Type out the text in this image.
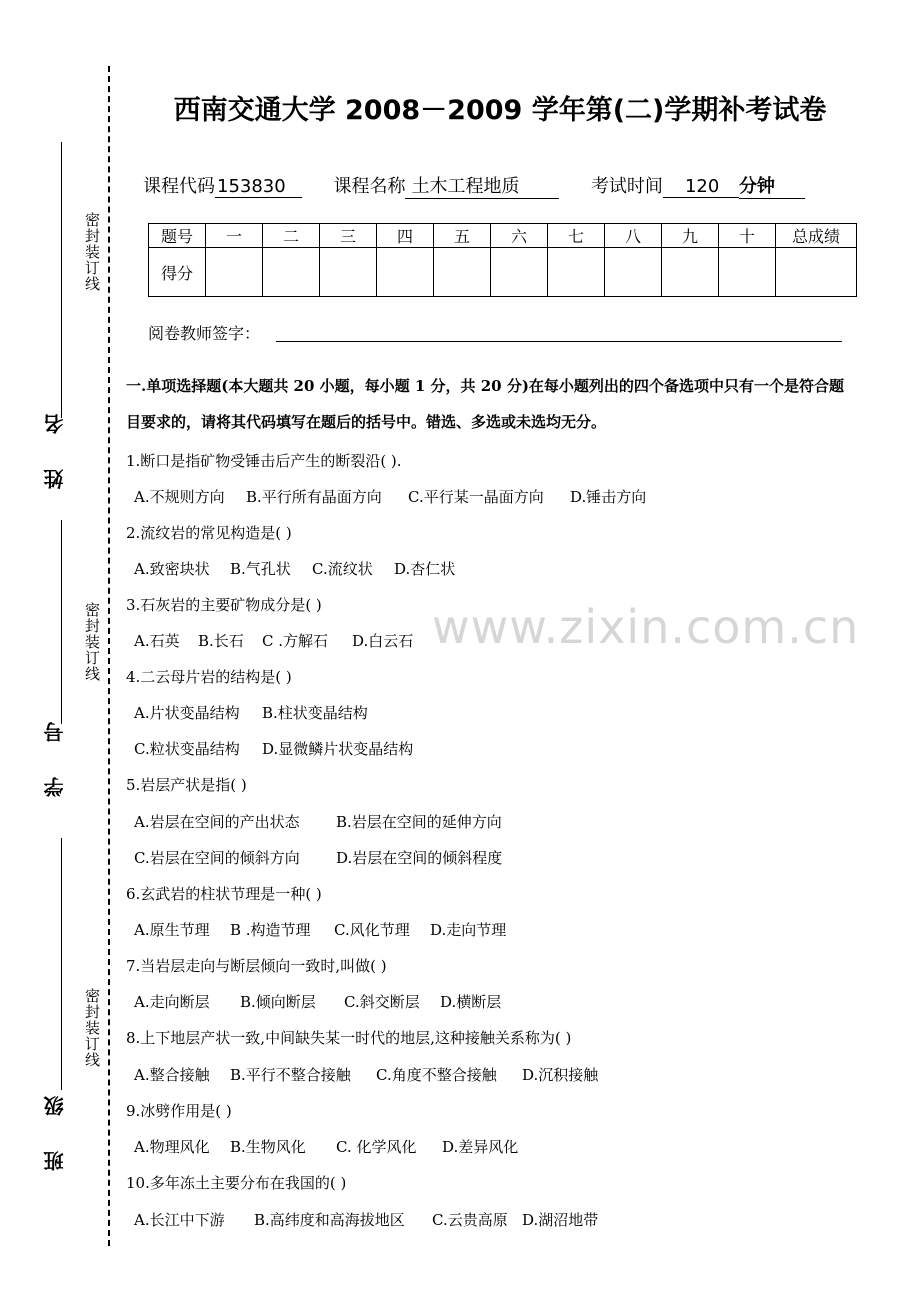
密封装订线
密封装订线
密封装订线
姓 名
学 号
班 级
西南交通大学 2008－2009 学年第(二)学期补考试卷
课程代码 153830	课程名称 土木工程地质	考试时间 120 分钟
题号	一	二	三	四	五	六	七	八	九	十	总成绩
得分											
阅卷教师签字：
www.zixin.com.cn
一.单项选择题(本大题共 20 小题，每小题 1 分，共 20 分)在每小题列出的四个备选项中只有一个是符合题
目要求的，请将其代码填写在题后的括号中。错选、多选或未选均无分。
1.断口是指矿物受锤击后产生的断裂沿( ).
A.不规则方向 B.平行所有晶面方向 C.平行某一晶面方向 D.锤击方向
2.流纹岩的常见构造是( )
A.致密块状 B.气孔状 C.流纹状 D.杏仁状
3.石灰岩的主要矿物成分是( )
A.石英 B.长石 C .方解石 D.白云石
4.二云母片岩的结构是( )
A.片状变晶结构 B.柱状变晶结构
C.粒状变晶结构 D.显微鳞片状变晶结构
5.岩层产状是指( )
A.岩层在空间的产出状态 B.岩层在空间的延伸方向
C.岩层在空间的倾斜方向 D.岩层在空间的倾斜程度
6.玄武岩的柱状节理是一种( )
A.原生节理 B .构造节理 C.风化节理 D.走向节理
7.当岩层走向与断层倾向一致时,叫做( )
A.走向断层 B.倾向断层 C.斜交断层 D.横断层
8.上下地层产状一致,中间缺失某一时代的地层,这种接触关系称为( )
A.整合接触 B.平行不整合接触 C.角度不整合接触 D.沉积接触
9.冰劈作用是( )
A.物理风化 B.生物风化 C. 化学风化 D.差异风化
10.多年冻土主要分布在我国的( )
A.长江中下游 B.高纬度和高海拔地区 C.云贵高原 D.湖沼地带
